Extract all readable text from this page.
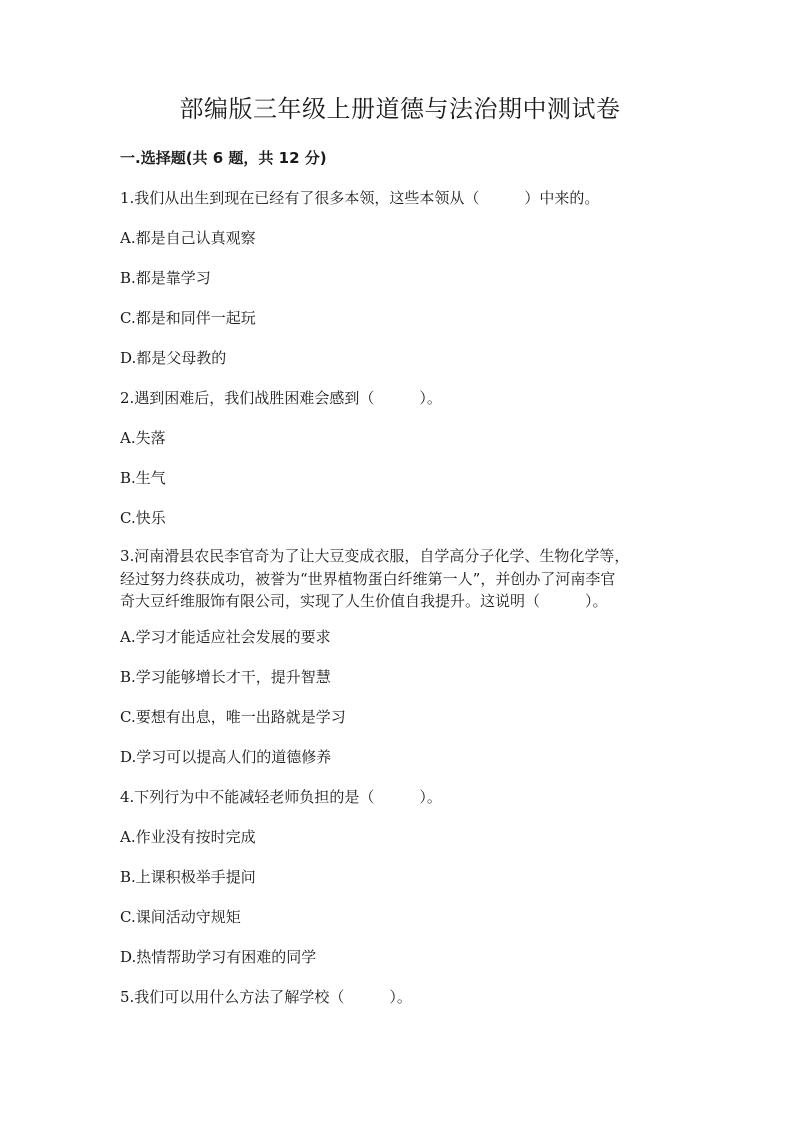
部编版三年级上册道德与法治期中测试卷
一.选择题(共 6 题，共 12 分)
1.我们从出生到现在已经有了很多本领，这些本领从（　　　）中来的。
A.都是自己认真观察
B.都是靠学习
C.都是和同伴一起玩
D.都是父母教的
2.遇到困难后，我们战胜困难会感到（　　　）。
A.失落
B.生气
C.快乐
3.河南滑县农民李官奇为了让大豆变成衣服，自学高分子化学、生物化学等，
经过努力终获成功，被誉为“世界植物蛋白纤维第一人”，并创办了河南李官
奇大豆纤维服饰有限公司，实现了人生价值自我提升。这说明（　　　）。
A.学习才能适应社会发展的要求
B.学习能够增长才干，提升智慧
C.要想有出息，唯一出路就是学习
D.学习可以提高人们的道德修养
4.下列行为中不能减轻老师负担的是（　　　）。
A.作业没有按时完成
B.上课积极举手提问
C.课间活动守规矩
D.热情帮助学习有困难的同学
5.我们可以用什么方法了解学校（　　　）。
